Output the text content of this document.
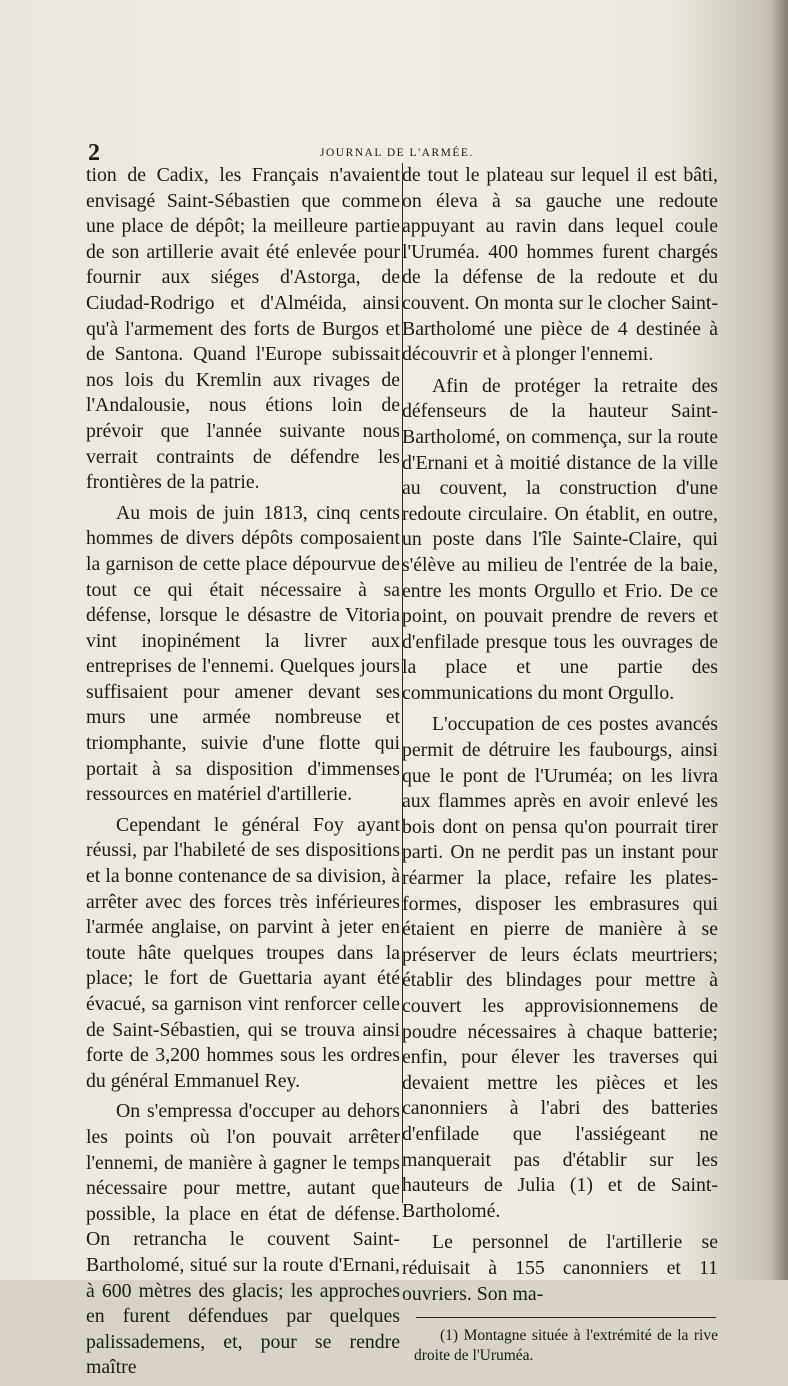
2	JOURNAL DE L'ARMÉE.

tion de Cadix, les Français n'avaient envisagé Saint-Sébastien que comme une place de dépôt; la meilleure partie de son artillerie avait été enlevée pour fournir aux siéges d'Astorga, de Ciudad-Rodrigo et d'Alméida, ainsi qu'à l'armement des forts de Burgos et de Santona. Quand l'Europe subissait nos lois du Kremlin aux rivages de l'Andalousie, nous étions loin de prévoir que l'année suivante nous verrait contraints de défendre les frontières de la patrie.

Au mois de juin 1813, cinq cents hommes de divers dépôts composaient la garnison de cette place dépourvue de tout ce qui était nécessaire à sa défense, lorsque le désastre de Vitoria vint inopinément la livrer aux entreprises de l'ennemi. Quelques jours suffisaient pour amener devant ses murs une armée nombreuse et triomphante, suivie d'une flotte qui portait à sa disposition d'immenses ressources en matériel d'artillerie.

Cependant le général Foy ayant réussi, par l'habileté de ses dispositions et la bonne contenance de sa division, à arrêter avec des forces très inférieures l'armée anglaise, on parvint à jeter en toute hâte quelques troupes dans la place; le fort de Guettaria ayant été évacué, sa garnison vint renforcer celle de Saint-Sébastien, qui se trouva ainsi forte de 3,200 hommes sous les ordres du général Emmanuel Rey.

On s'empressa d'occuper au dehors les points où l'on pouvait arrêter l'ennemi, de manière à gagner le temps nécessaire pour mettre, autant que possible, la place en état de défense. On retrancha le couvent Saint-Bartholomé, situé sur la route d'Ernani, à 600 mètres des glacis; les approches en furent défendues par quelques palissademens, et, pour se rendre maître

de tout le plateau sur lequel il est bâti, on éleva à sa gauche une redoute appuyant au ravin dans lequel coule l'Uruméa. 400 hommes furent chargés de la défense de la redoute et du couvent. On monta sur le clocher Saint-Bartholomé une pièce de 4 destinée à découvrir et à plonger l'ennemi.

Afin de protéger la retraite des défenseurs de la hauteur Saint-Bartholomé, on commença, sur la route d'Ernani et à moitié distance de la ville au couvent, la construction d'une redoute circulaire. On établit, en outre, un poste dans l'île Sainte-Claire, qui s'élève au milieu de l'entrée de la baie, entre les monts Orgullo et Frio. De ce point, on pouvait prendre de revers et d'enfilade presque tous les ouvrages de la place et une partie des communications du mont Orgullo.

L'occupation de ces postes avancés permit de détruire les faubourgs, ainsi que le pont de l'Uruméa; on les livra aux flammes après en avoir enlevé les bois dont on pensa qu'on pourrait tirer parti. On ne perdit pas un instant pour réarmer la place, refaire les plates-formes, disposer les embrasures qui étaient en pierre de manière à se préserver de leurs éclats meurtriers; établir des blindages pour mettre à couvert les approvisionnemens de poudre nécessaires à chaque batterie; enfin, pour élever les traverses qui devaient mettre les pièces et les canonniers à l'abri des batteries d'enfilade que l'assiégeant ne manquerait pas d'établir sur les hauteurs de Julia (1) et de Saint-Bartholomé.

Le personnel de l'artillerie se réduisait à 155 canonniers et 11 ouvriers. Son ma-

(1) Montagne située à l'extrémité de la rive droite de l'Uruméa.
